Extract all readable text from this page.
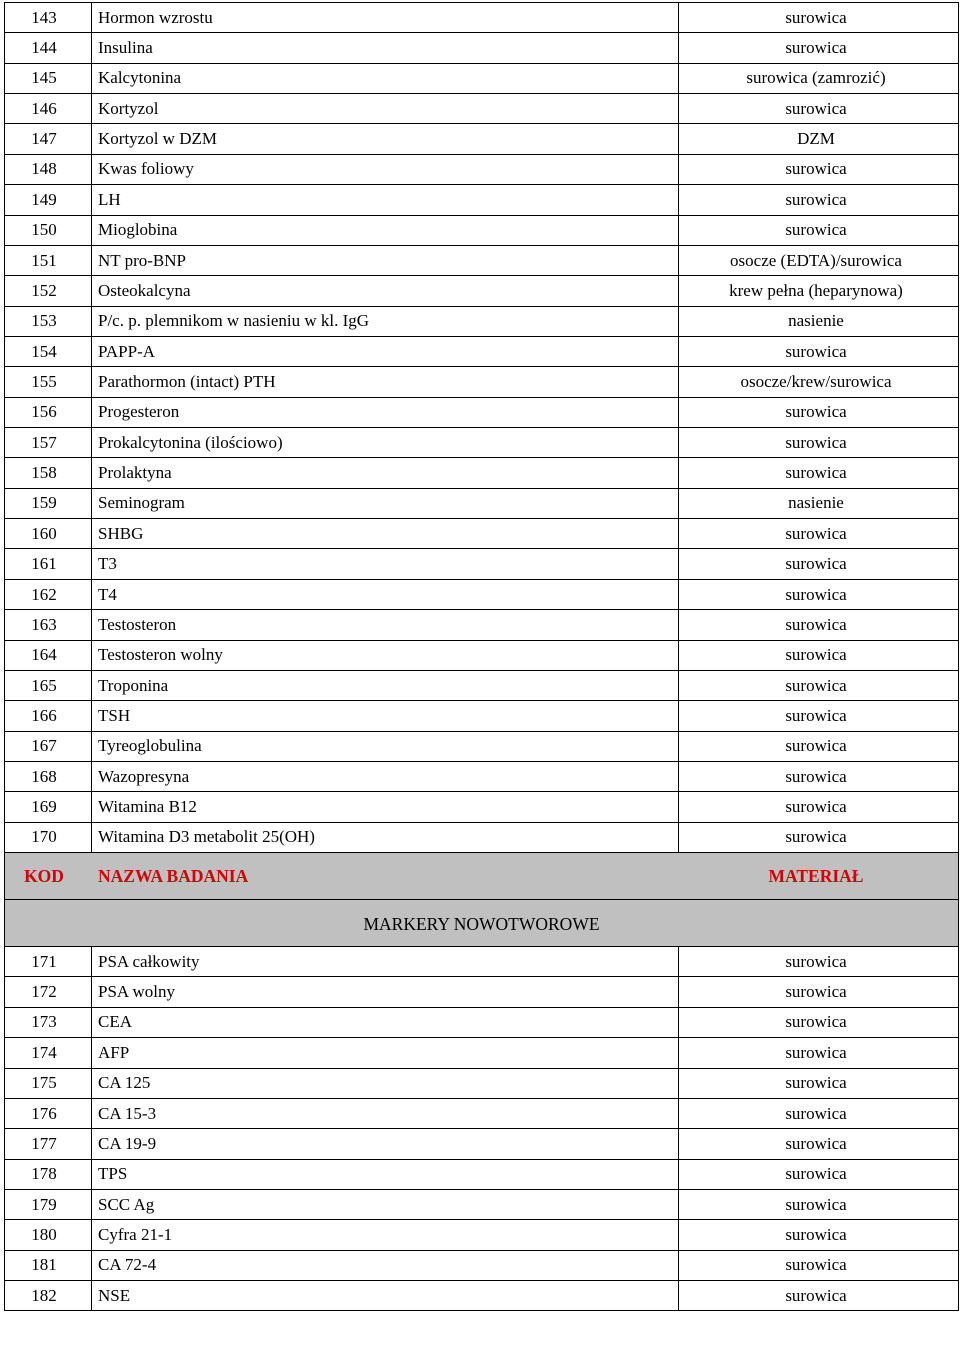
143	Hormon wzrostu	surowica
144	Insulina	surowica
145	Kalcytonina	surowica (zamrozić)
146	Kortyzol	surowica
147	Kortyzol w DZM	DZM
148	Kwas foliowy	surowica
149	LH	surowica
150	Mioglobina	surowica
151	NT pro-BNP	osocze (EDTA)/surowica
152	Osteokalcyna	krew pełna (heparynowa)
153	P/c. p. plemnikom w nasieniu w kl. IgG	nasienie
154	PAPP-A	surowica
155	Parathormon (intact) PTH	osocze/krew/surowica
156	Progesteron	surowica
157	Prokalcytonina (ilościowo)	surowica
158	Prolaktyna	surowica
159	Seminogram	nasienie
160	SHBG	surowica
161	T3	surowica
162	T4	surowica
163	Testosteron	surowica
164	Testosteron wolny	surowica
165	Troponina	surowica
166	TSH	surowica
167	Tyreoglobulina	surowica
168	Wazopresyna	surowica
169	Witamina B12	surowica
170	Witamina D3 metabolit 25(OH)	surowica
KOD	NAZWA BADANIA	MATERIAŁ
MARKERY NOWOTWOROWE		
171	PSA całkowity	surowica
172	PSA wolny	surowica
173	CEA	surowica
174	AFP	surowica
175	CA 125	surowica
176	CA 15-3	surowica
177	CA 19-9	surowica
178	TPS	surowica
179	SCC Ag	surowica
180	Cyfra 21-1	surowica
181	CA 72-4	surowica
182	NSE	surowica
